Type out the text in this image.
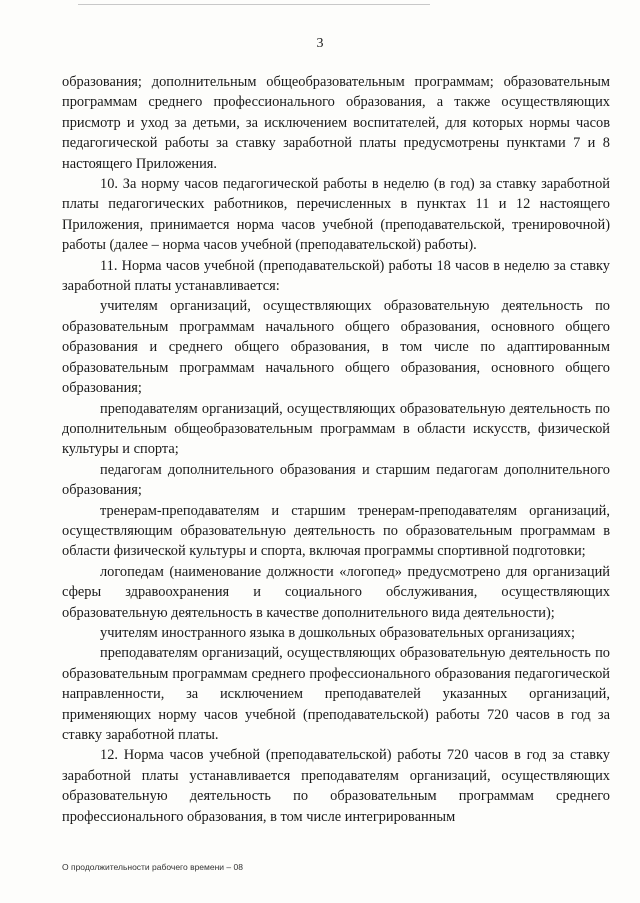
3

образования; дополнительным общеобразовательным программам; образовательным программам среднего профессионального образования, а также осуществляющих присмотр и уход за детьми, за исключением воспитателей, для которых нормы часов педагогической работы за ставку заработной платы предусмотрены пунктами 7 и 8 настоящего Приложения.

10. За норму часов педагогической работы в неделю (в год) за ставку заработной платы педагогических работников, перечисленных в пунктах 11 и 12 настоящего Приложения, принимается норма часов учебной (преподавательской, тренировочной) работы (далее – норма часов учебной (преподавательской) работы).

11. Норма часов учебной (преподавательской) работы 18 часов в неделю за ставку заработной платы устанавливается:

учителям организаций, осуществляющих образовательную деятельность по образовательным программам начального общего образования, основного общего образования и среднего общего образования, в том числе по адаптированным образовательным программам начального общего образования, основного общего образования;

преподавателям организаций, осуществляющих образовательную деятельность по дополнительным общеобразовательным программам в области искусств, физической культуры и спорта;

педагогам дополнительного образования и старшим педагогам дополнительного образования;

тренерам-преподавателям и старшим тренерам-преподавателям организаций, осуществляющим образовательную деятельность по образовательным программам в области физической культуры и спорта, включая программы спортивной подготовки;

логопедам (наименование должности «логопед» предусмотрено для организаций сферы здравоохранения и социального обслуживания, осуществляющих образовательную деятельность в качестве дополнительного вида деятельности);

учителям иностранного языка в дошкольных образовательных организациях;

преподавателям организаций, осуществляющих образовательную деятельность по образовательным программам среднего профессионального образования педагогической направленности, за исключением преподавателей указанных организаций, применяющих норму часов учебной (преподавательской) работы 720 часов в год за ставку заработной платы.

12. Норма часов учебной (преподавательской) работы 720 часов в год за ставку заработной платы устанавливается преподавателям организаций, осуществляющих образовательную деятельность по образовательным программам среднего профессионального образования, в том числе интегрированным

О продолжительности рабочего времени – 08
